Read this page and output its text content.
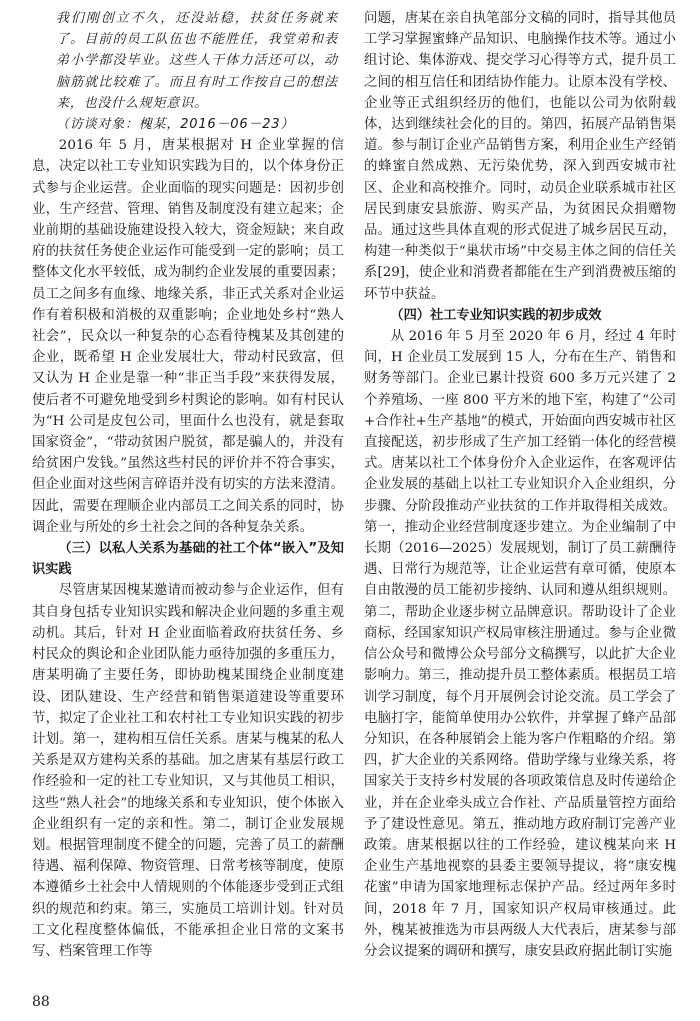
我们刚创立不久，还没站稳，扶贫任务就来了。目前的员工队伍也不能胜任，我堂弟和表弟小学都没毕业。这些人干体力活还可以，动脑筋就比较难了。而且有时工作按自己的想法来，也没什么规矩意识。
（访谈对象：槐某，2016－06－23）

2016 年 5 月，唐某根据对 H 企业掌握的信息，决定以社工专业知识实践为目的，以个体身份正式参与企业运营。企业面临的现实问题是：因初步创业，生产经营、管理、销售及制度没有建立起来；企业前期的基础设施建设投入较大，资金短缺；来自政府的扶贫任务使企业运作可能受到一定的影响；员工整体文化水平较低，成为制约企业发展的重要因素；员工之间多有血缘、地缘关系，非正式关系对企业运作有着积极和消极的双重影响；企业地处乡村“熟人社会”，民众以一种复杂的心态看待槐某及其创建的企业，既希望 H 企业发展壮大，带动村民致富，但又认为 H 企业是靠一种“非正当手段”来获得发展，使后者不可避免地受到乡村舆论的影响。如有村民认为“H 公司是皮包公司，里面什么也没有，就是套取国家资金”，“带动贫困户脱贫，都是骗人的，并没有给贫困户发钱。”虽然这些村民的评价并不符合事实，但企业面对这些闲言碎语并没有切实的方法来澄清。因此，需要在理顺企业内部员工之间关系的同时，协调企业与所处的乡土社会之间的各种复杂关系。

（三）以私人关系为基础的社工个体“嵌入”及知识实践

尽管唐某因槐某邀请而被动参与企业运作，但有其自身包括专业知识实践和解决企业问题的多重主观动机。其后，针对 H 企业面临着政府扶贫任务、乡村民众的舆论和企业团队能力亟待加强的多重压力，唐某明确了主要任务，即协助槐某围绕企业制度建设、团队建设、生产经营和销售渠道建设等重要环节，拟定了企业社工和农村社工专业知识实践的初步计划。第一，建构相互信任关系。唐某与槐某的私人关系是双方建构关系的基础。加之唐某有基层行政工作经验和一定的社工专业知识，又与其他员工相识，这些“熟人社会”的地缘关系和专业知识，使个体嵌入企业组织有一定的亲和性。第二，制订企业发展规划。根据管理制度不健全的问题，完善了员工的薪酬待遇、福利保障、物资管理、日常考核等制度，使原本遵循乡土社会中人情规则的个体能逐步受到正式组织的规范和约束。第三，实施员工培训计划。针对员工文化程度整体偏低，不能承担企业日常的文案书写、档案管理工作等

问题，唐某在亲自执笔部分文稿的同时，指导其他员工学习掌握蜜蜂产品知识、电脑操作技术等。通过小组讨论、集体游戏、提交学习心得等方式，提升员工之间的相互信任和团结协作能力。让原本没有学校、企业等正式组织经历的他们，也能以公司为依附载体，达到继续社会化的目的。第四，拓展产品销售渠道。参与制订企业产品销售方案，利用企业生产经销的蜂蜜自然成熟、无污染优势，深入到西安城市社区、企业和高校推介。同时，动员企业联系城市社区居民到康安县旅游、购买产品，为贫困民众捐赠物品。通过这些具体直观的形式促进了城乡居民互动，构建一种类似于“巢状市场”中交易主体之间的信任关系[29]，使企业和消费者都能在生产到消费被压缩的环节中获益。

（四）社工专业知识实践的初步成效

从 2016 年 5 月至 2020 年 6 月，经过 4 年时间，H 企业员工发展到 15 人，分布在生产、销售和财务等部门。企业已累计投资 600 多万元兴建了 2 个养殖场、一座 800 平方米的地下室，构建了“公司+合作社+生产基地”的模式，开始面向西安城市社区直接配送，初步形成了生产加工经销一体化的经营模式。唐某以社工个体身份介入企业运作，在客观评估企业发展的基础上以社工专业知识介入企业组织，分步骤、分阶段推动产业扶贫的工作并取得相关成效。第一，推动企业经营制度逐步建立。为企业编制了中长期（2016—2025）发展规划，制订了员工薪酬待遇、日常行为规范等，让企业运营有章可循，使原本自由散漫的员工能初步接纳、认同和遵从组织规则。第二，帮助企业逐步树立品牌意识。帮助设计了企业商标，经国家知识产权局审核注册通过。参与企业微信公众号和微博公众号部分文稿撰写，以此扩大企业影响力。第三，推动提升员工整体素质。根据员工培训学习制度，每个月开展例会讨论交流。员工学会了电脑打字，能简单使用办公软件，并掌握了蜂产品部分知识，在各种展销会上能为客户作粗略的介绍。第四，扩大企业的关系网络。借助学缘与业缘关系，将国家关于支持乡村发展的各项政策信息及时传递给企业，并在企业牵头成立合作社、产品质量管控方面给予了建设性意见。第五，推动地方政府制订完善产业政策。唐某根据以往的工作经验，建议槐某向来 H 企业生产基地视察的县委主要领导提议，将“康安槐花蜜”申请为国家地理标志保护产品。经过两年多时间，2018 年 7 月，国家知识产权局审核通过。此外，槐某被推选为市县两级人大代表后，唐某参与部分会议提案的调研和撰写，康安县政府据此制订实施

88
